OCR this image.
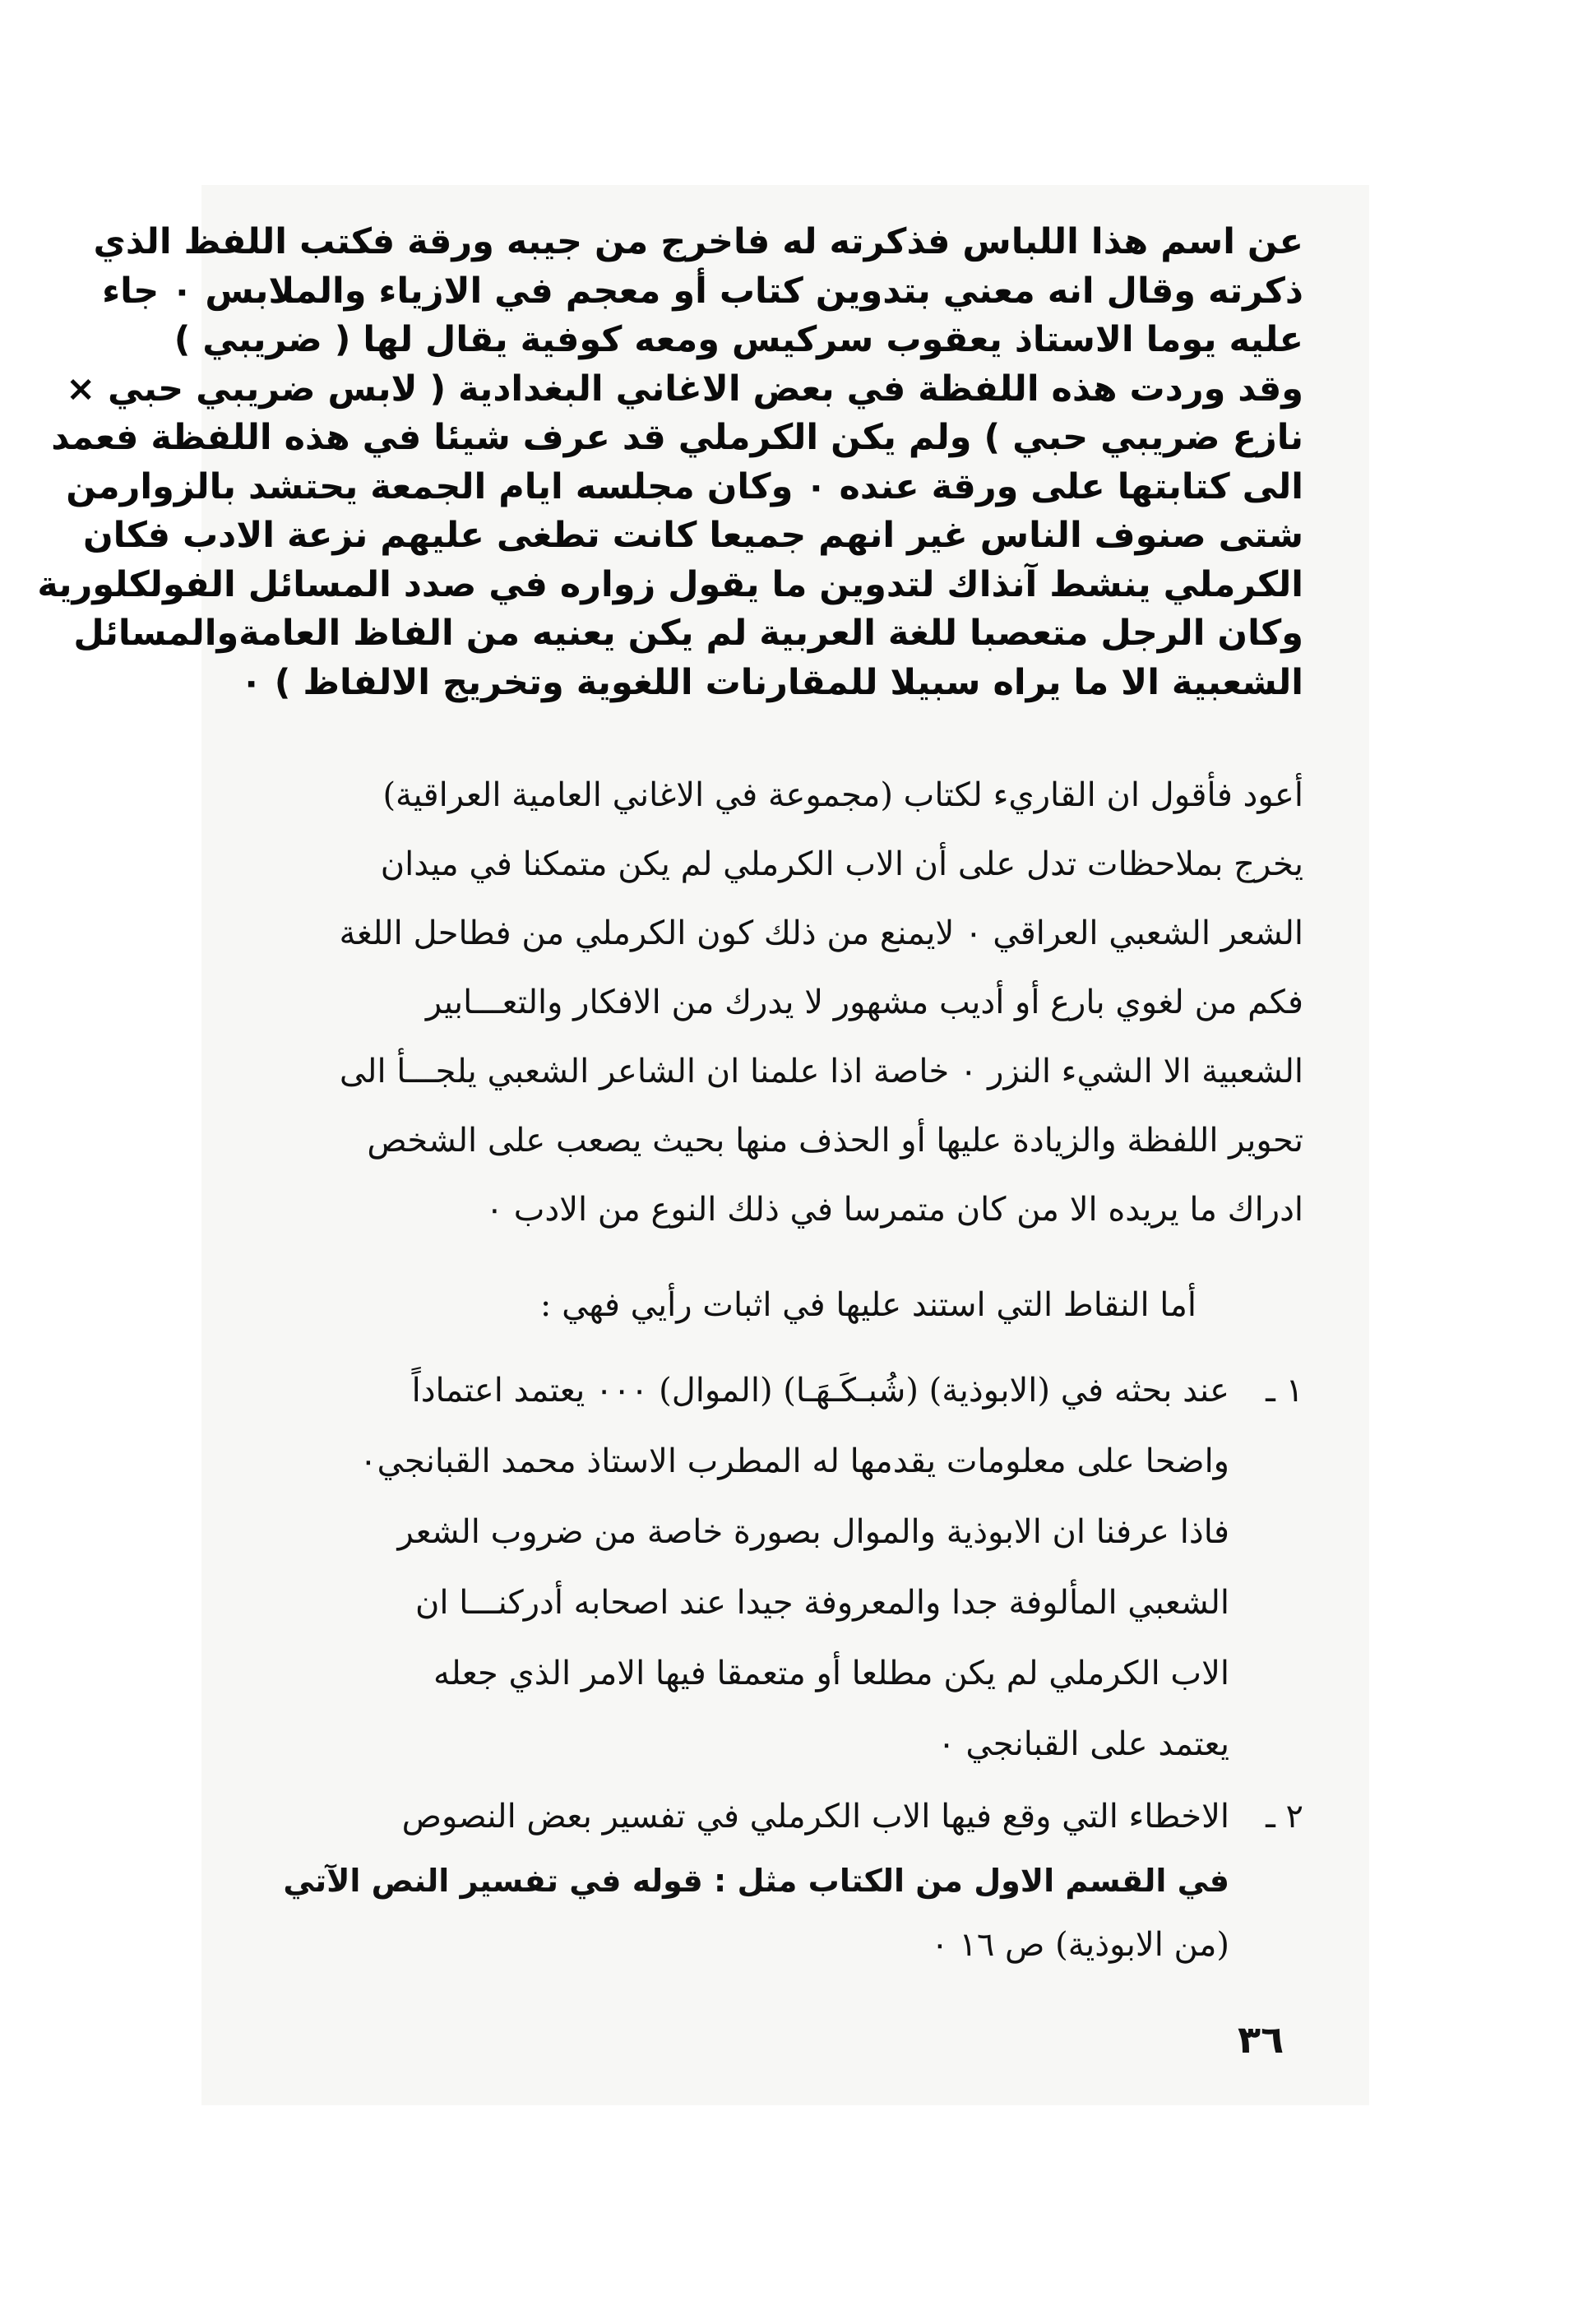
عن اسم هذا اللباس فذكرته له فاخرج من جيبه ورقة فكتب اللفظ الذي
ذكرته وقال انه معني بتدوين كتاب أو معجم في الازياء والملابس ٠ جاء
عليه يوما الاستاذ يعقوب سركيس ومعه كوفية يقال لها ( ضريبي )
وقد وردت هذه اللفظة في بعض الاغاني البغدادية ( لابس ضريبي حبي ×
نازع ضريبي حبي ) ولم يكن الكرملي قد عرف شيئا في هذه اللفظة فعمد
الى كتابتها على ورقة عنده ٠ وكان مجلسه ايام الجمعة يحتشد بالزوارمن
شتى صنوف الناس غير انهم جميعا كانت تطغى عليهم نزعة الادب فكان
الكرملي ينشط آنذاك لتدوين ما يقول زواره في صدد المسائل الفولكلورية
وكان الرجل متعصبا للغة العربية لم يكن يعنيه من الفاظ العامةوالمسائل
الشعبية الا ما يراه سبيلا للمقارنات اللغوية وتخريج الالفاظ ) ٠
أعود فأقول ان القاريء لكتاب (مجموعة في الاغاني العامية العراقية)
يخرج بملاحظات تدل على أن الاب الكرملي لم يكن متمكنا في ميدان
الشعر الشعبي العراقي ٠ لايمنع من ذلك كون الكرملي من فطاحل اللغة
فكم من لغوي بارع أو أديب مشهور لا يدرك من الافكار والتعـــابير
الشعبية الا الشيء النزر ٠ خاصة اذا علمنا ان الشاعر الشعبي يلجـــأ الى
تحوير اللفظة والزيادة عليها أو الحذف منها بحيث يصعب على الشخص
ادراك ما يريده الا من كان متمرسا في ذلك النوع من الادب ٠
أما النقاط التي استند عليها في اثبات رأيي فهي :
١ ـ
عند بحثه في (الابوذية) (شُبـكَـهَـا) (الموال) ٠٠٠ يعتمد اعتماداً
واضحا على معلومات يقدمها له المطرب الاستاذ محمد القبانجي٠
فاذا عرفنا ان الابوذية والموال بصورة خاصة من ضروب الشعر
الشعبي المألوفة جدا والمعروفة جيدا عند اصحابه أدركنـــا ان
الاب الكرملي لم يكن مطلعا أو متعمقا فيها الامر الذي جعله
يعتمد على القبانجي ٠
٢ ـ
الاخطاء التي وقع فيها الاب الكرملي في تفسير بعض النصوص
في القسم الاول من الكتاب مثل : قوله في تفسير النص الآتي
(من الابوذية) ص ١٦ ٠
٣٦
